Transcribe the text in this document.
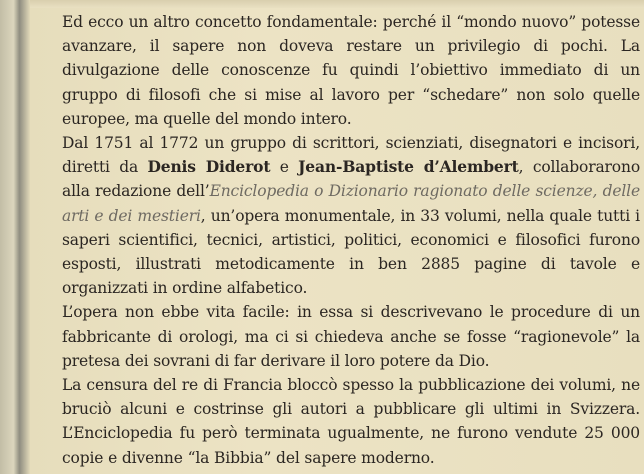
Ed ecco un altro concetto fondamentale: perché il “mondo nuovo” potesse avanzare, il sapere non doveva restare un privilegio di pochi. La divulgazione delle conoscenze fu quindi l’obiettivo immediato di un gruppo di filosofi che si mise al lavoro per “schedare” non solo quelle europee, ma quelle del mondo intero.

Dal 1751 al 1772 un gruppo di scrittori, scienziati, disegnatori e incisori, diretti da Denis Diderot e Jean-Baptiste d’Alembert, collaborarono alla redazione dell’Enciclopedia o Dizionario ragionato delle scienze, delle arti e dei mestieri, un’opera monumentale, in 33 volumi, nella quale tutti i saperi scientifici, tecnici, artistici, politici, economici e filosofici furono esposti, illustrati metodicamente in ben 2885 pagine di tavole e organizzati in ordine alfabetico.

L’opera non ebbe vita facile: in essa si descrivevano le procedure di un fabbricante di orologi, ma ci si chiedeva anche se fosse “ragionevole” la pretesa dei sovrani di far derivare il loro potere da Dio.

La censura del re di Francia bloccò spesso la pubblicazione dei volumi, ne bruciò alcuni e costrinse gli autori a pubblicare gli ultimi in Svizzera. L’Enciclopedia fu però terminata ugualmente, ne furono vendute 25 000 copie e divenne “la Bibbia” del sapere moderno.
